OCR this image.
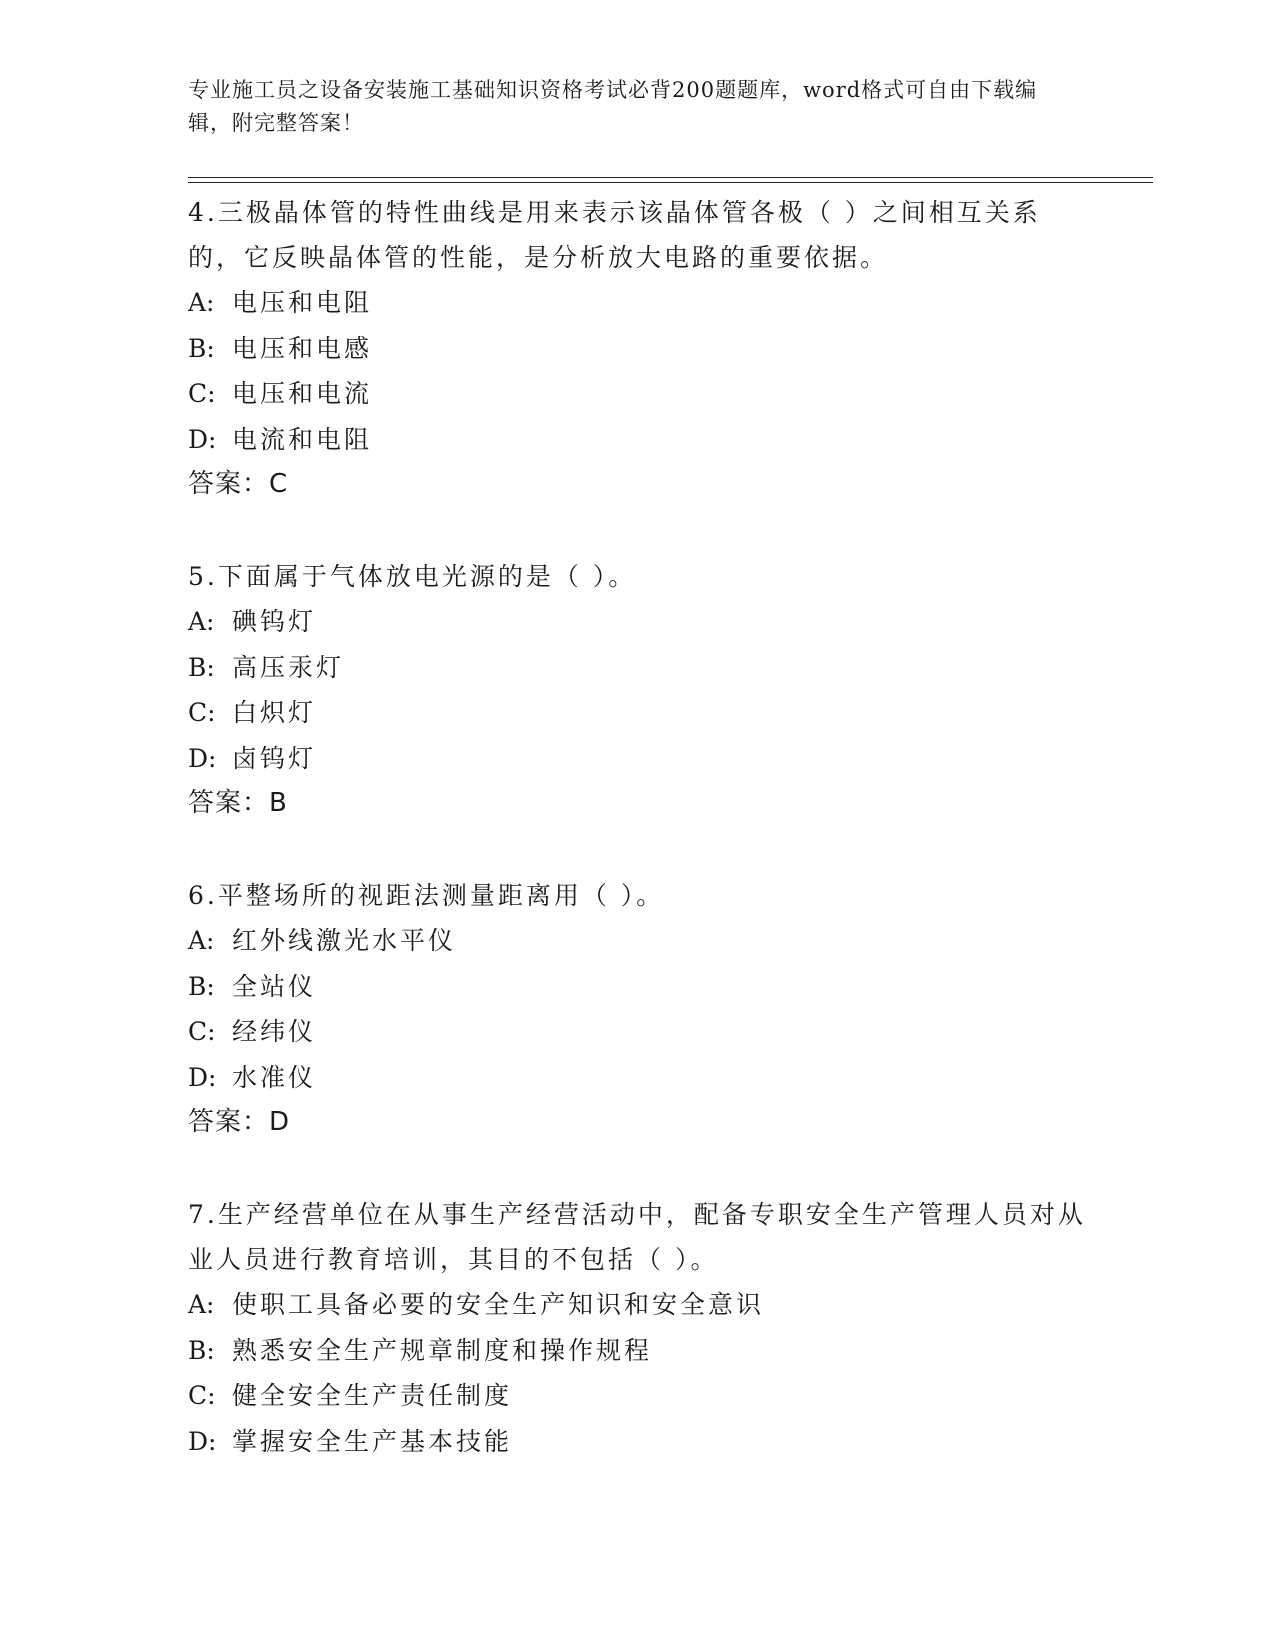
专业施工员之设备安装施工基础知识资格考试必背200题题库，word格式可自由下载编辑，附完整答案！
4.三极晶体管的特性曲线是用来表示该晶体管各极（ ）之间相互关系的，它反映晶体管的性能，是分析放大电路的重要依据。
A: 电压和电阻
B: 电压和电感
C: 电压和电流
D: 电流和电阻
答案：C
5.下面属于气体放电光源的是（ ）。
A: 碘钨灯
B: 高压汞灯
C: 白炽灯
D: 卤钨灯
答案：B
6.平整场所的视距法测量距离用（ ）。
A: 红外线激光水平仪
B: 全站仪
C: 经纬仪
D: 水准仪
答案：D
7.生产经营单位在从事生产经营活动中，配备专职安全生产管理人员对从业人员进行教育培训，其目的不包括（ ）。
A: 使职工具备必要的安全生产知识和安全意识
B: 熟悉安全生产规章制度和操作规程
C: 健全安全生产责任制度
D: 掌握安全生产基本技能
